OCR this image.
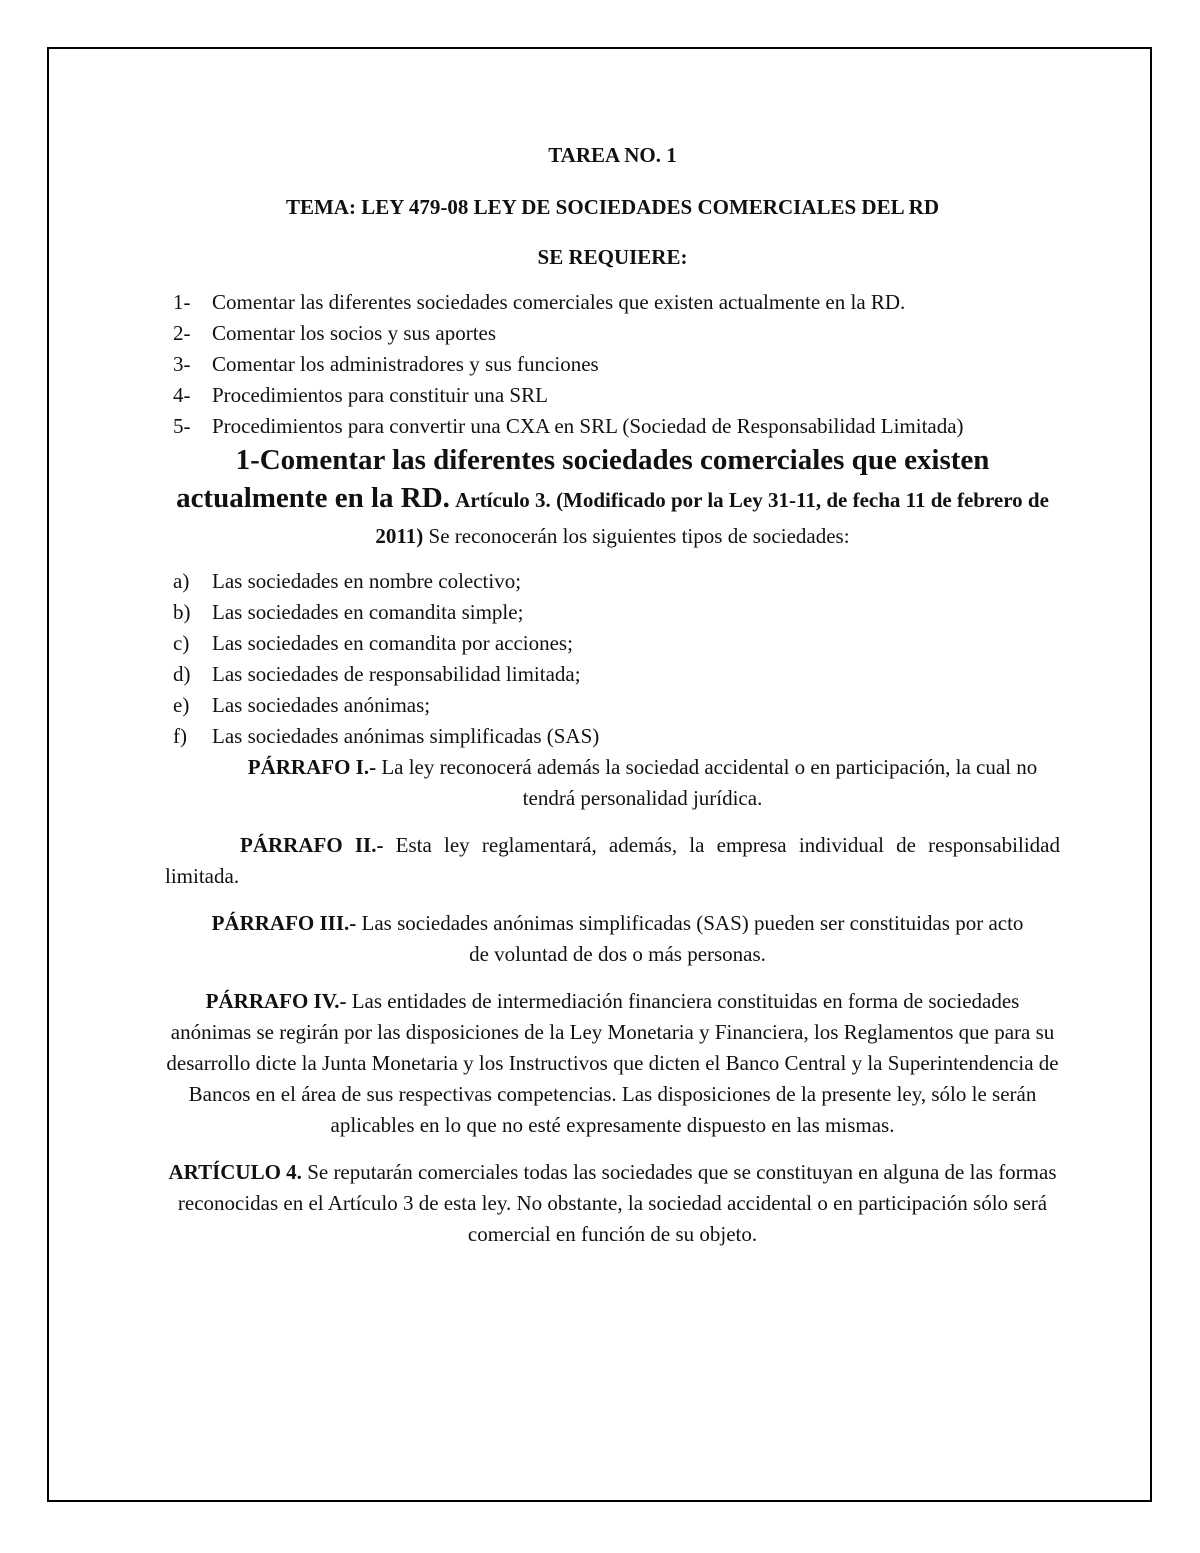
TAREA NO. 1

TEMA: LEY 479-08 LEY DE SOCIEDADES COMERCIALES DEL RD

SE REQUIERE:

1-	Comentar las diferentes sociedades comerciales que existen actualmente en la RD.
2-	Comentar los socios y sus aportes
3-	Comentar los administradores y sus funciones
4-	Procedimientos para constituir una SRL
5-	Procedimientos para convertir una CXA en SRL (Sociedad de Responsabilidad Limitada)

1-Comentar las diferentes sociedades comerciales que existen actualmente en la RD. Artículo 3. (Modificado por la Ley 31-11, de fecha 11 de febrero de 2011) Se reconocerán los siguientes tipos de sociedades:

a)	Las sociedades en nombre colectivo;
b)	Las sociedades en comandita simple;
c)	Las sociedades en comandita por acciones;
d)	Las sociedades de responsabilidad limitada;
e)	Las sociedades anónimas;
f)	Las sociedades anónimas simplificadas (SAS)

PÁRRAFO I.- La ley reconocerá además la sociedad accidental o en participación, la cual no tendrá personalidad jurídica.

PÁRRAFO II.- Esta ley reglamentará, además, la empresa individual de responsabilidad limitada.

PÁRRAFO III.- Las sociedades anónimas simplificadas (SAS) pueden ser constituidas por acto de voluntad de dos o más personas.

PÁRRAFO IV.- Las entidades de intermediación financiera constituidas en forma de sociedades anónimas se regirán por las disposiciones de la Ley Monetaria y Financiera, los Reglamentos que para su desarrollo dicte la Junta Monetaria y los Instructivos que dicten el Banco Central y la Superintendencia de Bancos en el área de sus respectivas competencias. Las disposiciones de la presente ley, sólo le serán aplicables en lo que no esté expresamente dispuesto en las mismas.

ARTÍCULO 4. Se reputarán comerciales todas las sociedades que se constituyan en alguna de las formas reconocidas en el Artículo 3 de esta ley. No obstante, la sociedad accidental o en participación sólo será comercial en función de su objeto.
